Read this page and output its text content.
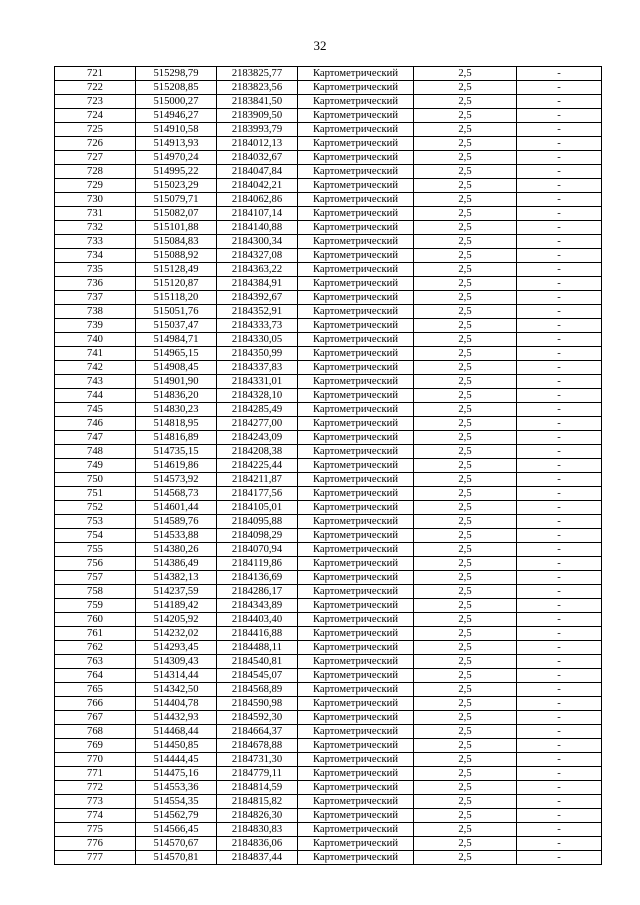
32
721	515298,79	2183825,77	Картометрический	2,5	-
722	515208,85	2183823,56	Картометрический	2,5	-
723	515000,27	2183841,50	Картометрический	2,5	-
724	514946,27	2183909,50	Картометрический	2,5	-
725	514910,58	2183993,79	Картометрический	2,5	-
726	514913,93	2184012,13	Картометрический	2,5	-
727	514970,24	2184032,67	Картометрический	2,5	-
728	514995,22	2184047,84	Картометрический	2,5	-
729	515023,29	2184042,21	Картометрический	2,5	-
730	515079,71	2184062,86	Картометрический	2,5	-
731	515082,07	2184107,14	Картометрический	2,5	-
732	515101,88	2184140,88	Картометрический	2,5	-
733	515084,83	2184300,34	Картометрический	2,5	-
734	515088,92	2184327,08	Картометрический	2,5	-
735	515128,49	2184363,22	Картометрический	2,5	-
736	515120,87	2184384,91	Картометрический	2,5	-
737	515118,20	2184392,67	Картометрический	2,5	-
738	515051,76	2184352,91	Картометрический	2,5	-
739	515037,47	2184333,73	Картометрический	2,5	-
740	514984,71	2184330,05	Картометрический	2,5	-
741	514965,15	2184350,99	Картометрический	2,5	-
742	514908,45	2184337,83	Картометрический	2,5	-
743	514901,90	2184331,01	Картометрический	2,5	-
744	514836,20	2184328,10	Картометрический	2,5	-
745	514830,23	2184285,49	Картометрический	2,5	-
746	514818,95	2184277,00	Картометрический	2,5	-
747	514816,89	2184243,09	Картометрический	2,5	-
748	514735,15	2184208,38	Картометрический	2,5	-
749	514619,86	2184225,44	Картометрический	2,5	-
750	514573,92	2184211,87	Картометрический	2,5	-
751	514568,73	2184177,56	Картометрический	2,5	-
752	514601,44	2184105,01	Картометрический	2,5	-
753	514589,76	2184095,88	Картометрический	2,5	-
754	514533,88	2184098,29	Картометрический	2,5	-
755	514380,26	2184070,94	Картометрический	2,5	-
756	514386,49	2184119,86	Картометрический	2,5	-
757	514382,13	2184136,69	Картометрический	2,5	-
758	514237,59	2184286,17	Картометрический	2,5	-
759	514189,42	2184343,89	Картометрический	2,5	-
760	514205,92	2184403,40	Картометрический	2,5	-
761	514232,02	2184416,88	Картометрический	2,5	-
762	514293,45	2184488,11	Картометрический	2,5	-
763	514309,43	2184540,81	Картометрический	2,5	-
764	514314,44	2184545,07	Картометрический	2,5	-
765	514342,50	2184568,89	Картометрический	2,5	-
766	514404,78	2184590,98	Картометрический	2,5	-
767	514432,93	2184592,30	Картометрический	2,5	-
768	514468,44	2184664,37	Картометрический	2,5	-
769	514450,85	2184678,88	Картометрический	2,5	-
770	514444,45	2184731,30	Картометрический	2,5	-
771	514475,16	2184779,11	Картометрический	2,5	-
772	514553,36	2184814,59	Картометрический	2,5	-
773	514554,35	2184815,82	Картометрический	2,5	-
774	514562,79	2184826,30	Картометрический	2,5	-
775	514566,45	2184830,83	Картометрический	2,5	-
776	514570,67	2184836,06	Картометрический	2,5	-
777	514570,81	2184837,44	Картометрический	2,5	-
